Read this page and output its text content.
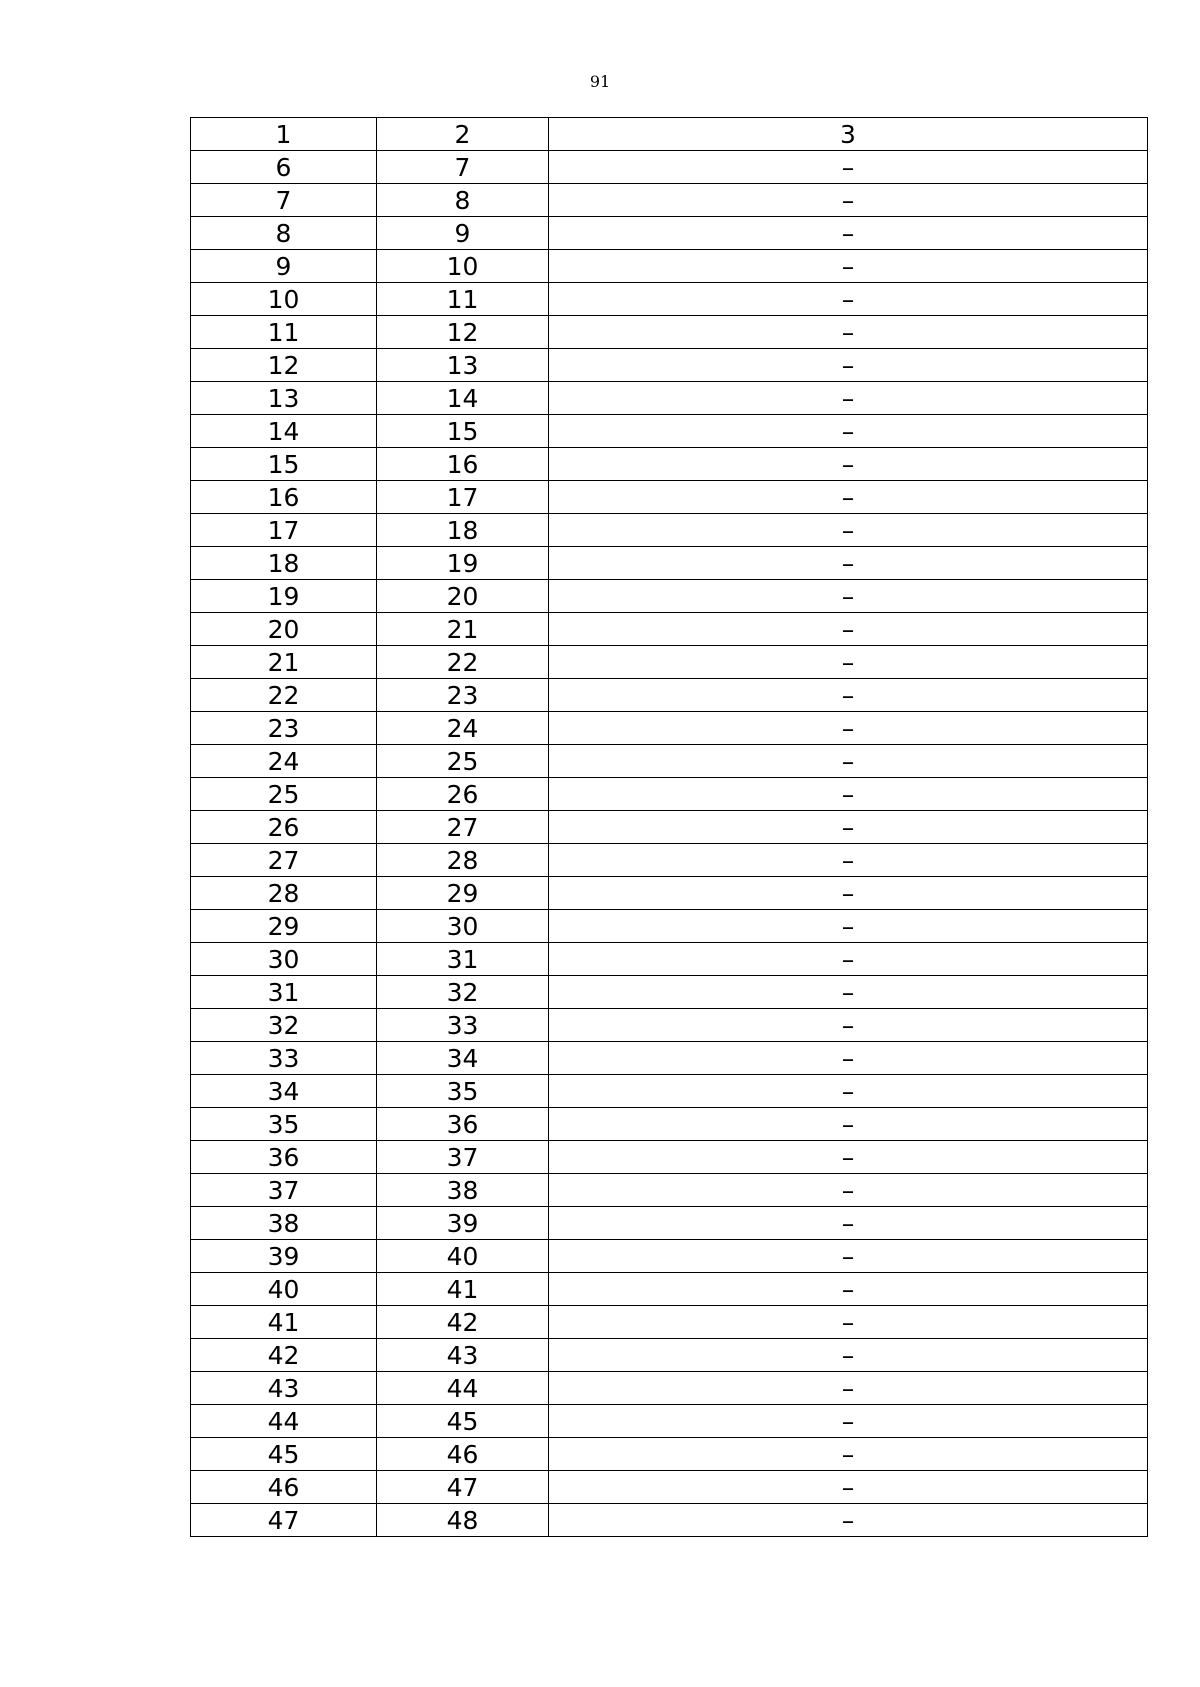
91
1	2	3
6	7	–
7	8	–
8	9	–
9	10	–
10	11	–
11	12	–
12	13	–
13	14	–
14	15	–
15	16	–
16	17	–
17	18	–
18	19	–
19	20	–
20	21	–
21	22	–
22	23	–
23	24	–
24	25	–
25	26	–
26	27	–
27	28	–
28	29	–
29	30	–
30	31	–
31	32	–
32	33	–
33	34	–
34	35	–
35	36	–
36	37	–
37	38	–
38	39	–
39	40	–
40	41	–
41	42	–
42	43	–
43	44	–
44	45	–
45	46	–
46	47	–
47	48	–
